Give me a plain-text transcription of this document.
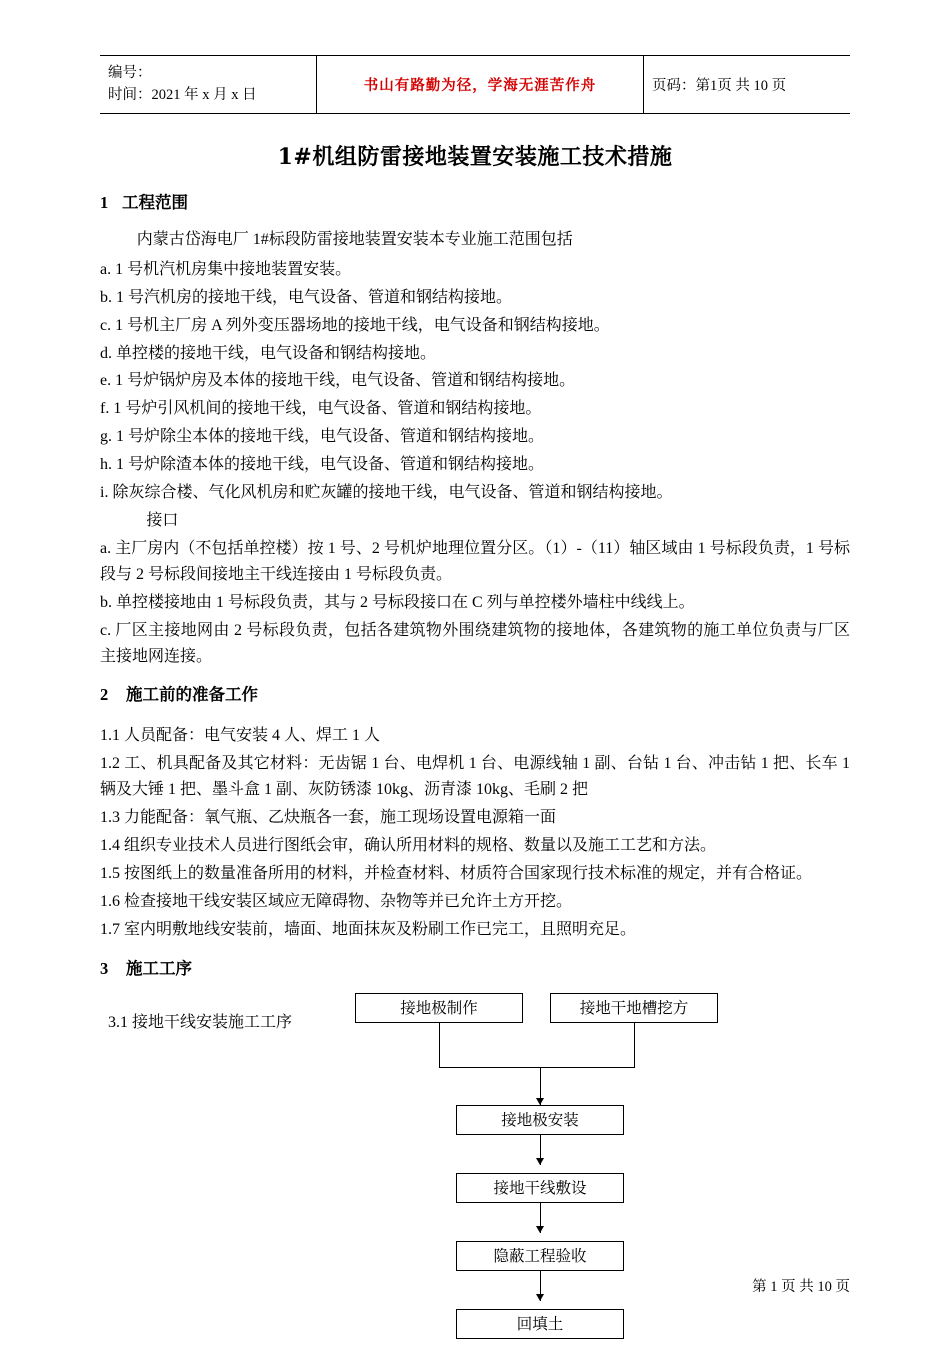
编号：
时间：2021 年 x 月 x 日
	书山有路勤为径，学海无涯苦作舟	页码：第1页 共 10 页
1#机组防雷接地装置安装施工技术措施
1 工程范围

内蒙古岱海电厂 1#标段防雷接地装置安装本专业施工范围包括

a. 1 号机汽机房集中接地装置安装。

b. 1 号汽机房的接地干线，电气设备、管道和钢结构接地。

c. 1 号机主厂房 A 列外变压器场地的接地干线，电气设备和钢结构接地。

d. 单控楼的接地干线，电气设备和钢结构接地。

e. 1 号炉锅炉房及本体的接地干线，电气设备、管道和钢结构接地。

f. 1 号炉引风机间的接地干线，电气设备、管道和钢结构接地。

g. 1 号炉除尘本体的接地干线，电气设备、管道和钢结构接地。

h. 1 号炉除渣本体的接地干线，电气设备、管道和钢结构接地。

i. 除灰综合楼、气化风机房和贮灰罐的接地干线，电气设备、管道和钢结构接地。

接口

a. 主厂房内（不包括单控楼）按 1 号、2 号机炉地理位置分区。（1）-（11）轴区域由 1 号标段负责，1 号标段与 2 号标段间接地主干线连接由 1 号标段负责。

b. 单控楼接地由 1 号标段负责，其与 2 号标段接口在 C 列与单控楼外墙柱中线线上。

c. 厂区主接地网由 2 号标段负责，包括各建筑物外围绕建筑物的接地体，各建筑物的施工单位负责与厂区主接地网连接。

2 施工前的准备工作

1.1 人员配备：电气安装 4 人、焊工 1 人

1.2 工、机具配备及其它材料：无齿锯 1 台、电焊机 1 台、电源线轴 1 副、台钻 1 台、冲击钻 1 把、长车 1 辆及大锤 1 把、墨斗盒 1 副、灰防锈漆 10kg、沥青漆 10kg、毛刷 2 把

1.3 力能配备：氧气瓶、乙炔瓶各一套，施工现场设置电源箱一面

1.4 组织专业技术人员进行图纸会审，确认所用材料的规格、数量以及施工工艺和方法。

1.5 按图纸上的数量准备所用的材料，并检查材料、材质符合国家现行技术标准的规定，并有合格证。

1.6 检查接地干线安装区域应无障碍物、杂物等并已允许土方开挖。

1.7 室内明敷地线安装前，墙面、地面抹灰及粉刷工作已完工，且照明充足。

3 施工工序
3.1 接地干线安装施工工序
接地极制作	接地干地槽挖方
接地极安装
接地干线敷设
隐蔽工程验收
回填土
第 1 页 共 10 页
